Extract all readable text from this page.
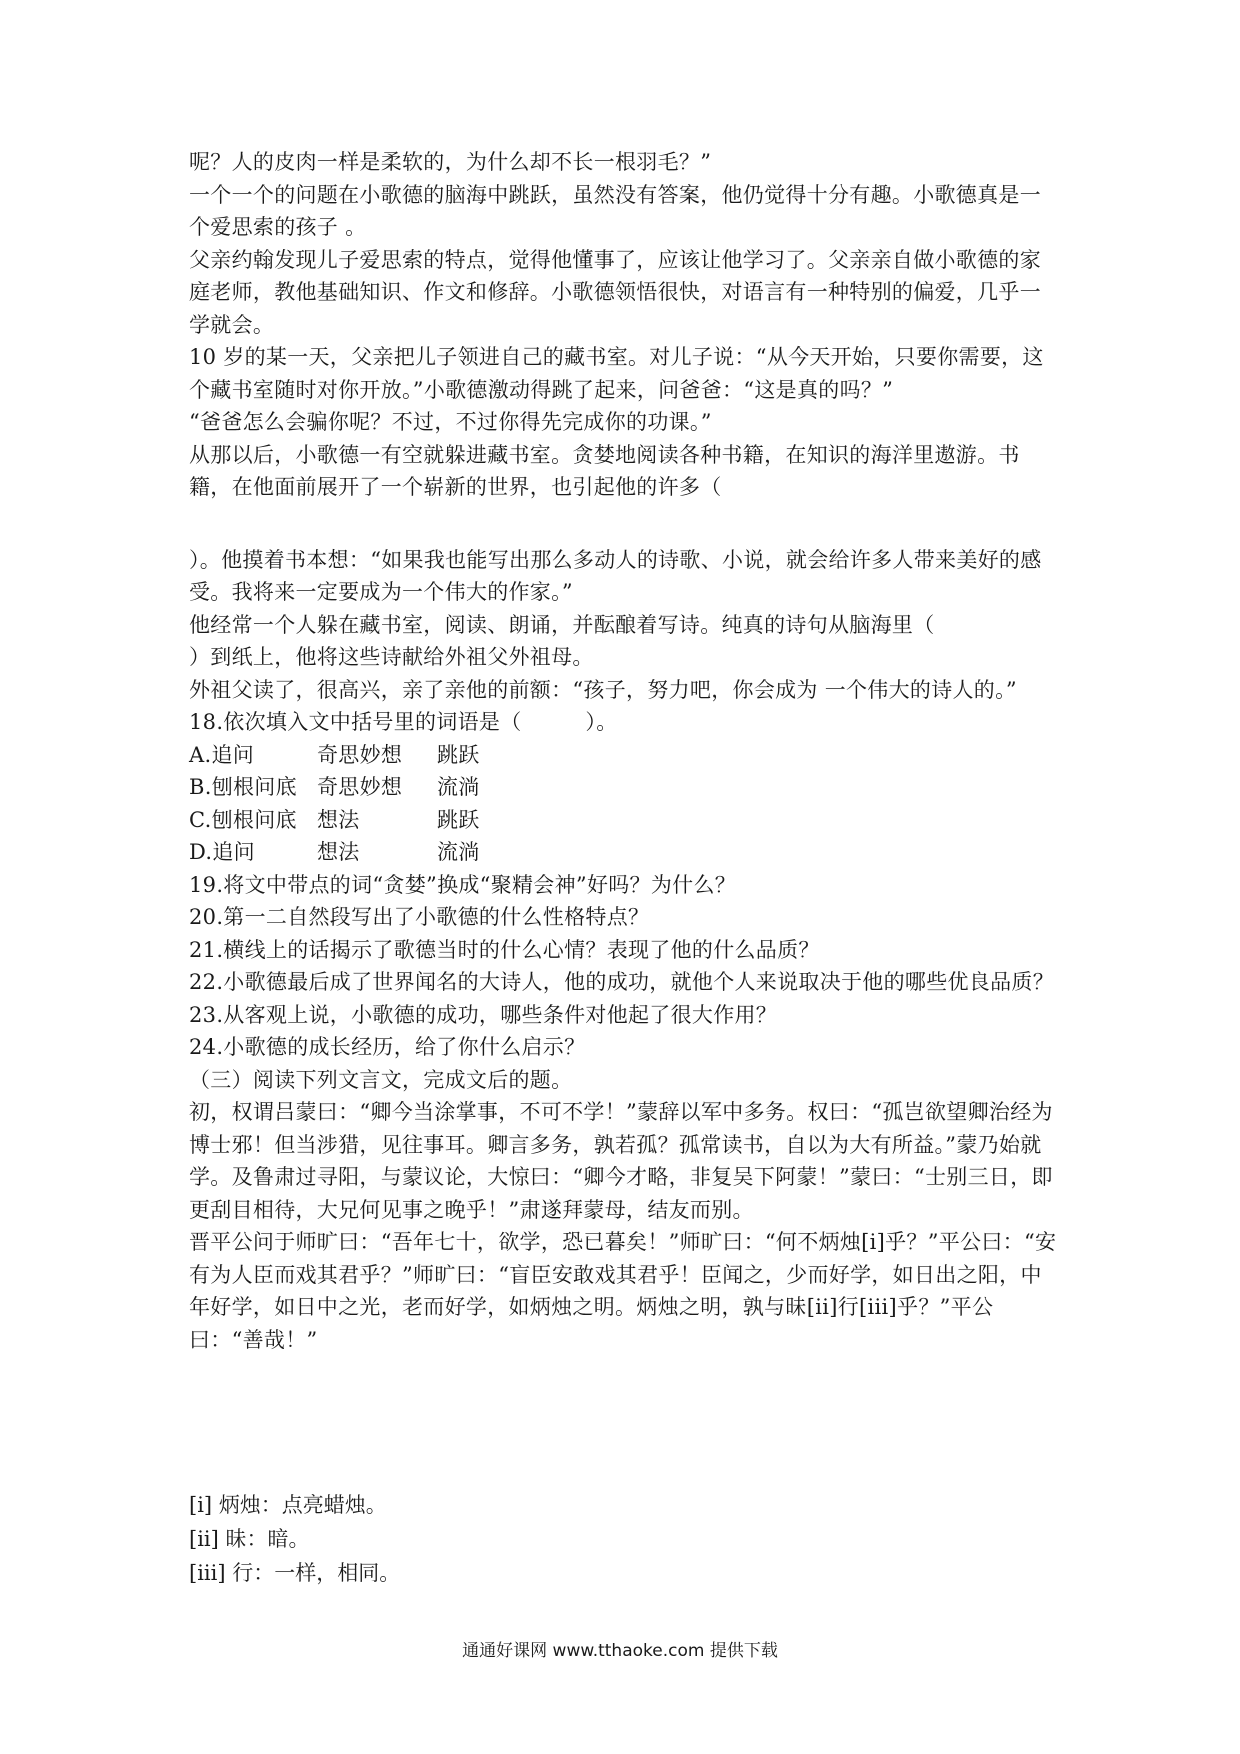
呢？人的皮肉一样是柔软的，为什么却不长一根羽毛？”

一个一个的问题在小歌德的脑海中跳跃，虽然没有答案，他仍觉得十分有趣。小歌德真是一个爱思索的孩子 。

父亲约翰发现儿子爱思索的特点，觉得他懂事了，应该让他学习了。父亲亲自做小歌德的家庭老师，教他基础知识、作文和修辞。小歌德领悟很快，对语言有一种特别的偏爱，几乎一学就会。

10 岁的某一天，父亲把儿子领进自己的藏书室。对儿子说：“从今天开始，只要你需要，这个藏书室随时对你开放。”小歌德激动得跳了起来，问爸爸：“这是真的吗？”

“爸爸怎么会骗你呢？不过，不过你得先完成你的功课。”

从那以后，小歌德一有空就躲进藏书室。贪婪地阅读各种书籍，在知识的海洋里遨游。书籍，在他面前展开了一个崭新的世界，也引起他的许多（

）。他摸着书本想：“如果我也能写出那么多动人的诗歌、小说，就会给许多人带来美好的感受。我将来一定要成为一个伟大的作家。”

他经常一个人躲在藏书室，阅读、朗诵，并酝酿着写诗。纯真的诗句从脑海里（

）到纸上，他将这些诗献给外祖父外祖母。

外祖父读了，很高兴，亲了亲他的前额：“孩子，努力吧，你会成为 一个伟大的诗人的。”

18.依次填入文中括号里的词语是（　　　）。

A.追问	奇思妙想 跳跃

B.刨根问底 奇思妙想 流淌

C.刨根问底 想法	跳跃

D.追问	想法	流淌

19.将文中带点的词“贪婪”换成“聚精会神”好吗？为什么？

20.第一二自然段写出了小歌德的什么性格特点？

21.横线上的话揭示了歌德当时的什么心情？表现了他的什么品质？

22.小歌德最后成了世界闻名的大诗人，他的成功，就他个人来说取决于他的哪些优良品质？

23.从客观上说，小歌德的成功，哪些条件对他起了很大作用？

24.小歌德的成长经历，给了你什么启示？

（三）阅读下列文言文，完成文后的题。

初，权谓吕蒙曰：“卿今当涂掌事，不可不学！”蒙辞以军中多务。权曰：“孤岂欲望卿治经为博士邪！但当涉猎，见往事耳。卿言多务，孰若孤？孤常读书，自以为大有所益。”蒙乃始就学。及鲁肃过寻阳，与蒙议论，大惊曰：“卿今才略，非复吴下阿蒙！”蒙曰：“士别三日，即更刮目相待，大兄何见事之晚乎！”肃遂拜蒙母，结友而别。

晋平公问于师旷曰：“吾年七十，欲学，恐已暮矣！”师旷曰：“何不炳烛[i]乎？”平公曰：“安有为人臣而戏其君乎？”师旷曰：“盲臣安敢戏其君乎！臣闻之，少而好学，如日出之阳，中年好学，如日中之光，老而好学，如炳烛之明。炳烛之明，孰与昧[ii]行[iii]乎？”平公曰：“善哉！”

[i] 炳烛：点亮蜡烛。

[ii] 昧：暗。

[iii] 行：一样，相同。

通通好课网 www.tthaoke.com 提供下载
